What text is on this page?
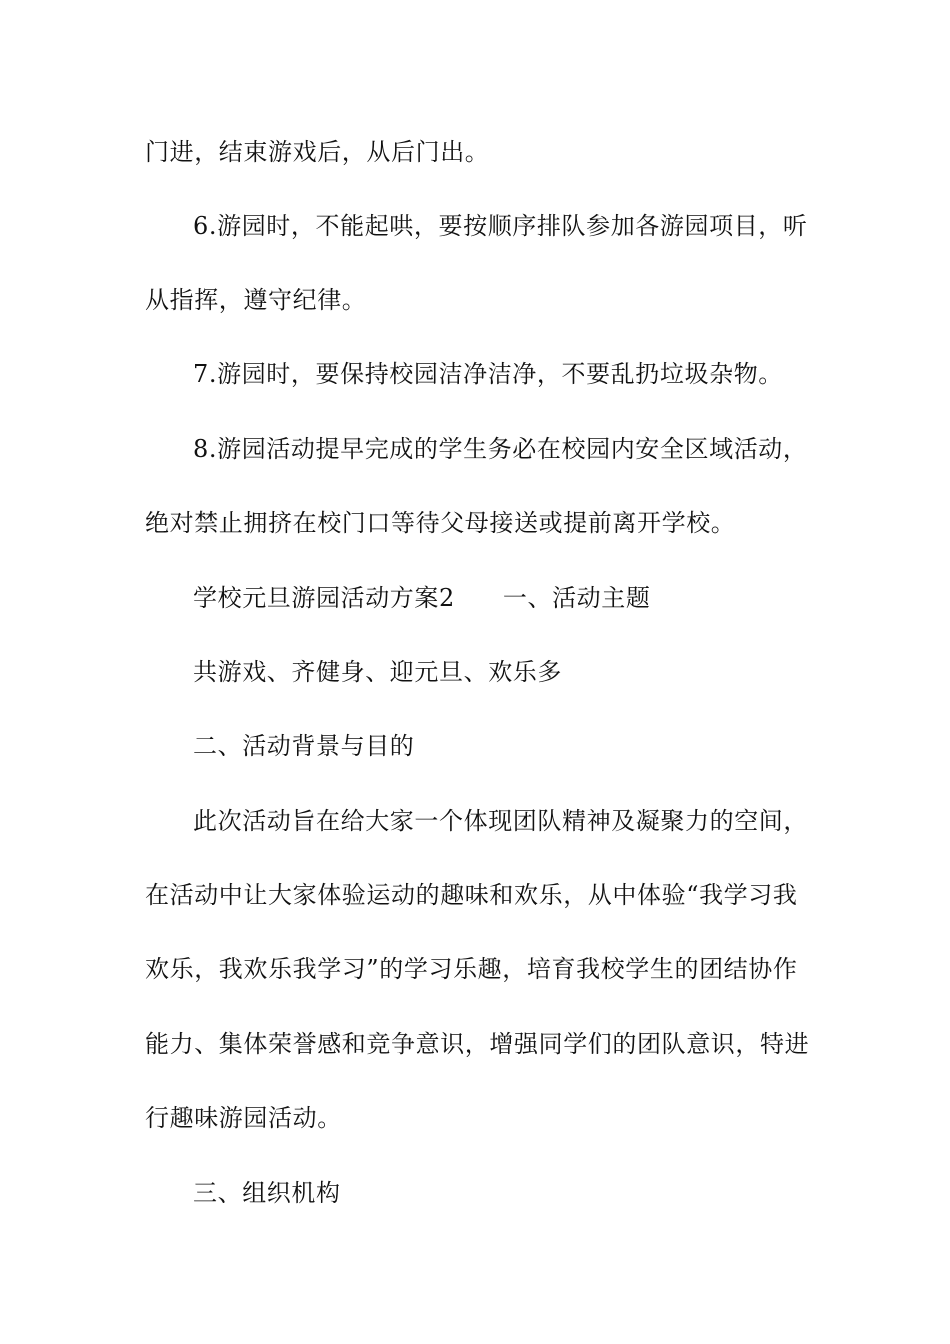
门进，结束游戏后，从后门出。
6.游园时，不能起哄，要按顺序排队参加各游园项目，听
从指挥，遵守纪律。
7.游园时，要保持校园洁净洁净，不要乱扔垃圾杂物。
8.游园活动提早完成的学生务必在校园内安全区域活动，
绝对禁止拥挤在校门口等待父母接送或提前离开学校。
学校元旦游园活动方案2 一、活动主题
共游戏、齐健身、迎元旦、欢乐多
二、活动背景与目的
此次活动旨在给大家一个体现团队精神及凝聚力的空间，
在活动中让大家体验运动的趣味和欢乐，从中体验“我学习我
欢乐，我欢乐我学习”的学习乐趣，培育我校学生的团结协作
能力、集体荣誉感和竞争意识，增强同学们的团队意识，特进
行趣味游园活动。
三、组织机构
